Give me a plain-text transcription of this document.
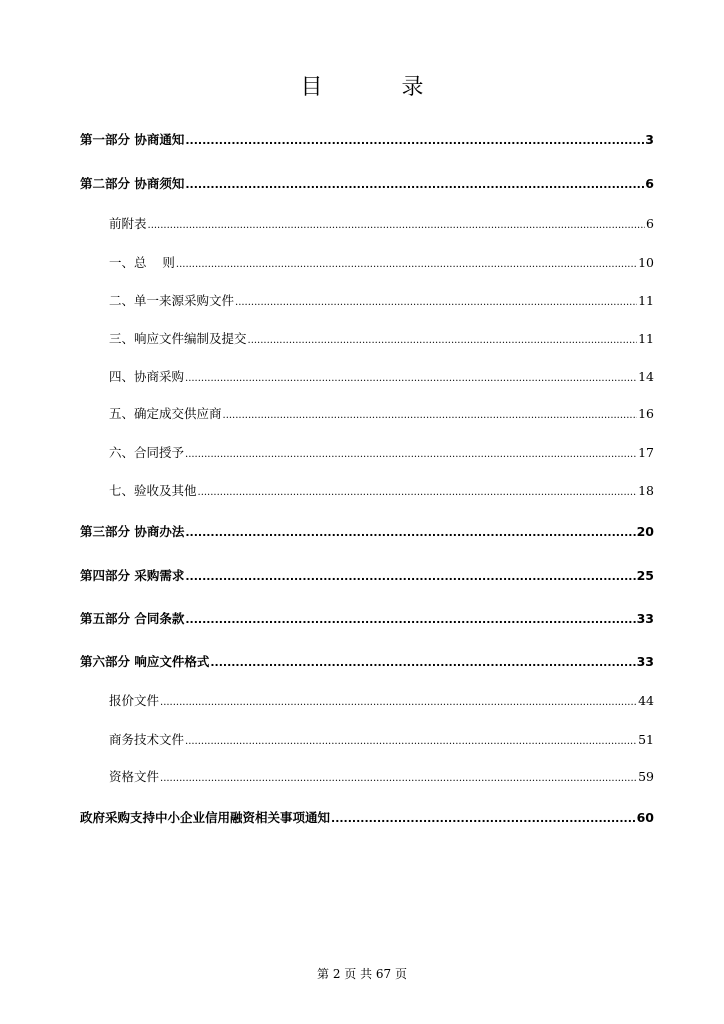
目 录
第一部分 协商通知 .....	3
第二部分 协商须知 .....	6
前附表 .....	6
一、总    则 .....	10
二、单一来源采购文件 .....	11
三、响应文件编制及提交 .....	11
四、协商采购 .....	14
五、确定成交供应商 .....	16
六、合同授予 .....	17
七、验收及其他 .....	18
第三部分 协商办法 .....	20
第四部分 采购需求 .....	25
第五部分 合同条款 .....	33
第六部分 响应文件格式 .....	33
报价文件 .....	44
商务技术文件 .....	51
资格文件 .....	59
政府采购支持中小企业信用融资相关事项通知 .....	60
第 2 页 共 67 页
